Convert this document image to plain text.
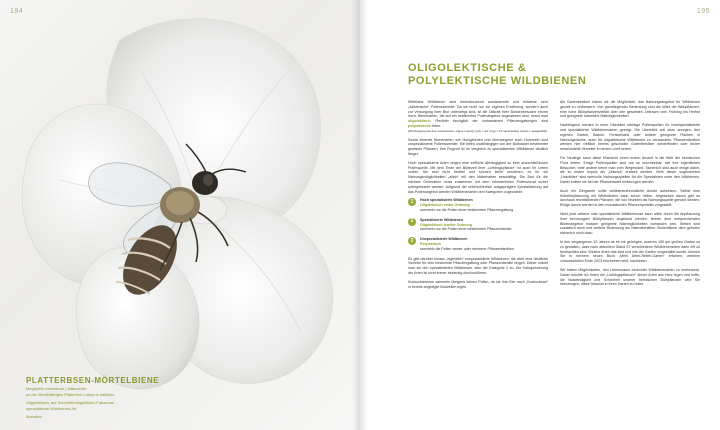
194

PLATTERBSEN-MÖRTELBIENE

Megachile ericetorum | Männchen
an der Breitblättrigen Platterbse Lathyrus latifolius
Oligolektisch, auf Schmetterlingsblütler-Fabaceae
spezialisierte Wildbienen-Art
Illustration
195

OLIGOLEKTISCHE &

POLYLEKTISCHE WILDBIENEN

Weibliche Wildbienen sind beeindruckend ausdauernde und teilweise sehr „wählerische“ Pollensammler. Da sie nicht nur zur eigenen Ernährung, sondern auch zur Versorgung ihrer Brut unterwegs sind, ist die Tatkraft ihrer Bürstenbesuche enorm hoch. Bienenarten, die auf ein bestimmtes Pollenangebot angewiesen sind, nennt man oligolektisch. Flexibler bezüglich der vorhandenen Pflanzengattungen sind polylektische Arten.
(Wortzeugung aus dem Griechischen: oligos = wenig | poly = viel | lego = ich sammle/lese | lektos = ausgewählt)

Sozial lebende Bienenarten wie Honigbienen und überwiegend auch Hummeln sind unspezialisierte Pollensammler. Sie leben unabhängiger von der Blühdauer bestimmter gewisser Pflanzen, ihre Flugzeit ist im Vergleich zu spezialisierten Wildbienen deutlich länger.

Hoch spezialisierte Arten zeigen eine zeitliche Abhängigkeit zu ihrer ausschließlichen Pollenquelle. Mit dem Ende der Blütezeit ihrer „Lieblingspflanze“ ist auch ihr Leben vorbei. Sie sind nicht flexibel und können leicht umziehen, es für sie Nahrungsmöglichkeiten „allein“ mit den Nisterhalten beschäftigt. Die Brut für die nächste Generation muss zusammen mit dem erforderlichen Pollenvorrat sicher untergebracht werden. Aufgrund der unterschiedlich ausgeprägten Spezialisierung auf das Pollenangebot werden Wildbienenarten drei Kategorien zugeordnet:

1	Hoch spezialisierte Wildbienen
Oligolektisch erster Ordnung
sammeln nur die Pollen einer bestimmten Pflanzengattung
2	Spezialisierte Wildbienen
Oligolektisch zweiter Ordnung
sammeln nur die Pollen einer bestimmten Pflanzenfamilie
3	Unspezialisierte Wildbienen
Polylektisch
sammeln die Pollen zweier oder mehrerer Pflanzenfamilien

Es gibt darüber hinaus „eigentlich“ unspezialisierte Wildbienen, die aber eine deutliche Vorliebe für eine bestimmte Pflanzengattung oder Pflanzenfamilie zeigen. Daher ordnet man sie den spezialisierten Wildbienen, also der Kategorie 2 zu. Die Kategorisierung der Arten ist nicht immer eindeutig durchzuführen.

Kuckucksbienen sammeln übrigens keinen Pollen, da sie ihre Eier nach „Kuckucksart“ in bereits angelegte Brutzellen legen.

Als Gartenbesitzer haben wir die Möglichkeit, das Nahrungsangebot für Wildbienen gezielt zu verbessern. Von grundlegender Bedeutung sind die Wahl der Blühpflanzen, eine hohe Blühpflanzenvielfalt über den gesamten Zeitraum vom Frühling bis Herbst und geeignete naturliche Nistmöglichkeiten.

Nachfolgend werden in einer Übersicht wichtige Pollenquellen für hochspezialisierte und spezialisierte Wildbienenarten gezeigt. Die Übersicht soll dazu anregen, den eigenen Garten, Balkon, Fensterbank oder andere geeignete Flächen in Nahrungsräume, auch für oligolektische Wildbienen zu verwandeln. Pflanzenfamilien werden hier vielfach bereits geschickte Gartenbesitzer wiederfinden oder bisher verschmähte Verzeiter in neuem Licht sehen.

Für Neulinge kann diese Übersicht einen ersten Anstoß in die Welt der heimischen Flora liefern. Einige Pollenquellen sind nur so unscheinbar, wie ihre eigentlichen Besucher, viele andere kennt man vom Wegesrand. Sicherlich sind auch einige dabei, die im ersten Impuls als „Unkraut“ erkannt werden. Viele dieser sogenannten „Unkräuter“ sind wertvolle Nahrungsquellen für die Spezialisten unter den Wildbienen. Daher sollten sie bei der Pflanzenwahl einbezogen werden.

Auch ein Ziergarten sollte wildbienenfreundliche Areale aufweisen. Selbst eine Kübelbepflanzung mit Wildkräutern kann schon helfen. Abgesehen davon gibt es durchaus reichblühende Pflanzen, die von Insekten als Nahrungsquelle genutzt werden. Einige davon werden in den monadischen Pflanzenporträts vorgestellt.

Nicht jede seltene oder spezialisierte Wildbienenart kann allein durch die Anpflanzung ihrer bevorzugten Blühpflanzen angelockt werden. Neben dem entsprechenden Blütenangebot müssen geeignete Nistmöglichkeiten vorhanden sein. Stellen sind zusätzlich auch und weitere Bedeutung als Nistmaterialien. Bodenfläche dem geboten sicherlich nicht dazu.

In den vergangenen 15 Jahren ist es mir gelungen, unseren 180 qm großen Garten so zu gestalten, dass nach aktuellem Stand 57 verschiedene Wildbienenarten darin mit zu beobachten sind. Welche Arten das sind und wie der Garten umgestaltet wurde, können Sie in meinem neuen Buch „Mein Arten-Retter-Garten“ erfahren, welches voraussichtlich Ende 2023 erscheinen wird, nachlesen.

Wir haben Möglichkeiten, den Lebensraum bedrohter Wildbienenarten zu verbessern. Daher möchte ich Ihnen die „Lieblingspflanzen“ dieser Arten ans Herz legen und hoffe, die Notwendigkeit und Schönheit unserer heimischen Blühpflanzen wird Sie überzeugen, diese bewusst in Ihren Garten zu holen.
